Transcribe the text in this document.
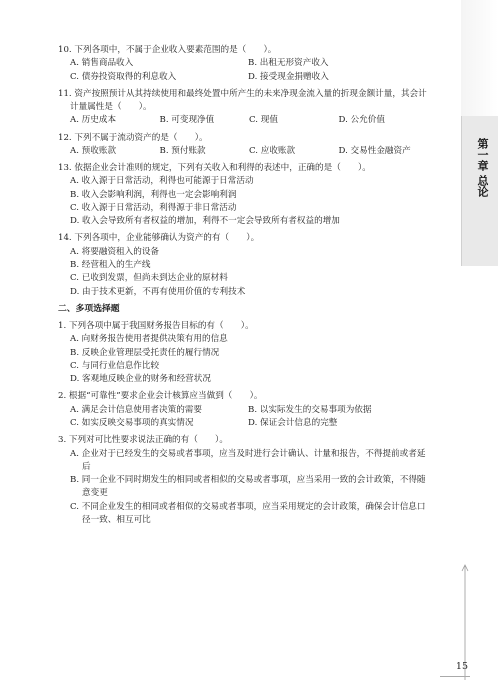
第一章 总论
10. 下列各项中，不属于企业收入要素范围的是（　　）。
A. 销售商品收入	B. 出租无形资产收入
C. 债券投资取得的利息收入	D. 接受现金捐赠收入
11. 资产按照预计从其持续使用和最终处置中所产生的未来净现金流入量的折现金额计量，其会计计量属性是（　　）。
A. 历史成本	B. 可变现净值	C. 现值	D. 公允价值
12. 下列不属于流动资产的是（　　）。
A. 预收账款	B. 预付账款	C. 应收账款	D. 交易性金融资产
13. 依据企业会计准则的规定，下列有关收入和利得的表述中，正确的是（　　）。
A. 收入源于日常活动，利得也可能源于日常活动
B. 收入会影响利润，利得也一定会影响利润
C. 收入源于日常活动，利得源于非日常活动
D. 收入会导致所有者权益的增加，利得不一定会导致所有者权益的增加
14. 下列各项中，企业能够确认为资产的有（　　）。
A. 将要融资租入的设备
B. 经营租入的生产线
C. 已收到发票，但尚未到达企业的原材料
D. 由于技术更新，不再有使用价值的专利技术
二、多项选择题
1. 下列各项中属于我国财务报告目标的有（　　）。
A. 向财务报告使用者提供决策有用的信息
B. 反映企业管理层受托责任的履行情况
C. 与同行业信息作比较
D. 客观地反映企业的财务和经营状况
2. 根据“可靠性”要求企业会计核算应当做到（　　）。
A. 满足会计信息使用者决策的需要	B. 以实际发生的交易事项为依据
C. 如实反映交易事项的真实情况	D. 保证会计信息的完整
3. 下列对可比性要求说法正确的有（　　）。
A. 企业对于已经发生的交易或者事项，应当及时进行会计确认、计量和报告，不得提前或者延后
B. 同一企业不同时期发生的相同或者相似的交易或者事项，应当采用一致的会计政策，不得随意变更
C. 不同企业发生的相同或者相似的交易或者事项，应当采用规定的会计政策，确保会计信息口径一致、相互可比
15
